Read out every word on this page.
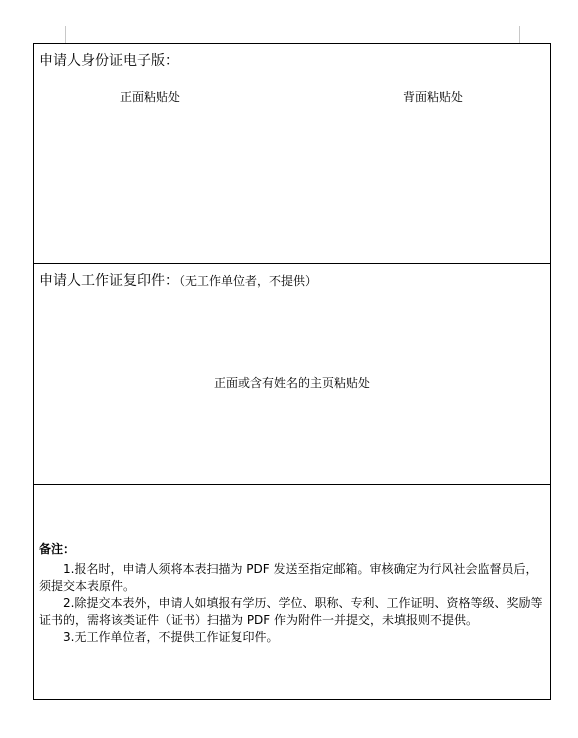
申请人身份证电子版：
正面粘贴处	背面粘贴处
申请人工作证复印件：（无工作单位者，不提供）
正面或含有姓名的主页粘贴处
备注：

1.报名时，申请人须将本表扫描为 PDF 发送至指定邮箱。审核确定为行风社会监督员后，须提交本表原件。

2.除提交本表外，申请人如填报有学历、学位、职称、专利、工作证明、资格等级、奖励等证书的，需将该类证件（证书）扫描为 PDF 作为附件一并提交，未填报则不提供。

3.无工作单位者，不提供工作证复印件。
